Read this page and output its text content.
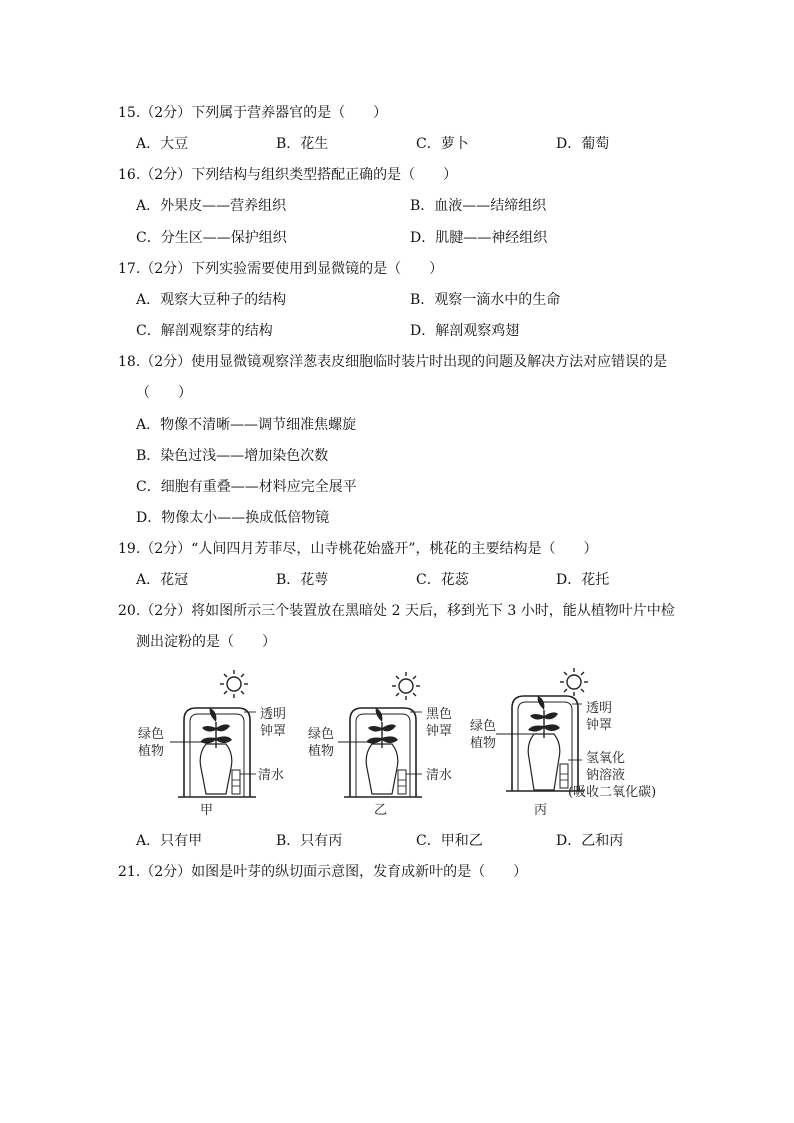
15.（2分）下列属于营养器官的是（　　）
A．大豆	B．花生	C．萝卜	D．葡萄
16.（2分）下列结构与组织类型搭配正确的是（　　）
A．外果皮——营养组织	B．血液——结缔组织
C．分生区——保护组织	D．肌腱——神经组织
17.（2分）下列实验需要使用到显微镜的是（　　）
A．观察大豆种子的结构	B．观察一滴水中的生命
C．解剖观察芽的结构	D．解剖观察鸡翅
18.（2分）使用显微镜观察洋葱表皮细胞临时装片时出现的问题及解决方法对应错误的是
（　　）
A．物像不清晰——调节细准焦螺旋
B．染色过浅——增加染色次数
C．细胞有重叠——材料应完全展平
D．物像太小——换成低倍物镜
19.（2分）“人间四月芳菲尽，山寺桃花始盛开”，桃花的主要结构是（　　）
A．花冠	B．花萼	C．花蕊	D．花托
20.（2分）将如图所示三个装置放在黑暗处 2 天后，移到光下 3 小时，能从植物叶片中检
测出淀粉的是（　　）
绿色
植物
透明
钟罩
清水
甲
绿色
植物
黑色
钟罩
清水
乙
绿色
植物
透明
钟罩
氢氧化
钠溶液
(吸收二氧化碳)
丙
A．只有甲	B．只有丙	C．甲和乙	D．乙和丙
21.（2分）如图是叶芽的纵切面示意图，发育成新叶的是（　　）
